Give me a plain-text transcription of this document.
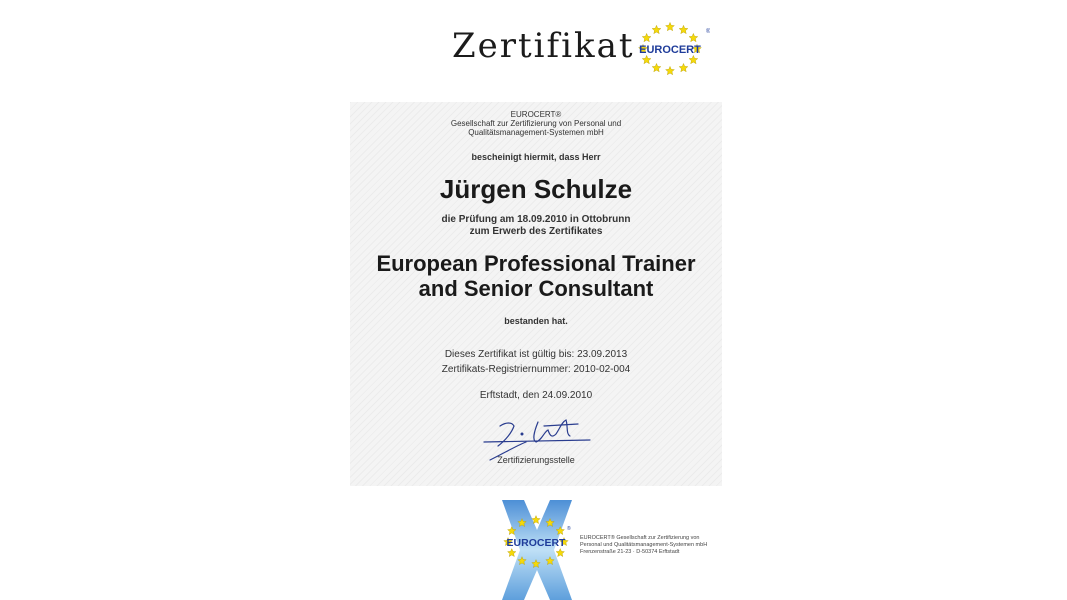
Zertifikat EUROCERT
®

EUROCERT®

Gesellschaft zur Zertifizierung von Personal und Qualitätsmanagement-Systemen mbH

bescheinigt hiermit, dass Herr

Jürgen Schulze

die Prüfung am 18.09.2010 in Ottobrunn
zum Erwerb des Zertifikates
European Professional Trainer
and Senior Consultant

bestanden hat.

Dieses Zertifikat ist gültig bis: 23.09.2013
Zertifikats-Registriernummer: 2010-02-004

Erftstadt, den 24.09.2010

Zertifizierungsstelle

EUROCERT
®
EUROCERT® Gesellschaft zur Zertifizierung von
Personal und Qualitätsmanagement-Systemen mbH
Frenzenstraße 21-23 · D-50374 Erftstadt
